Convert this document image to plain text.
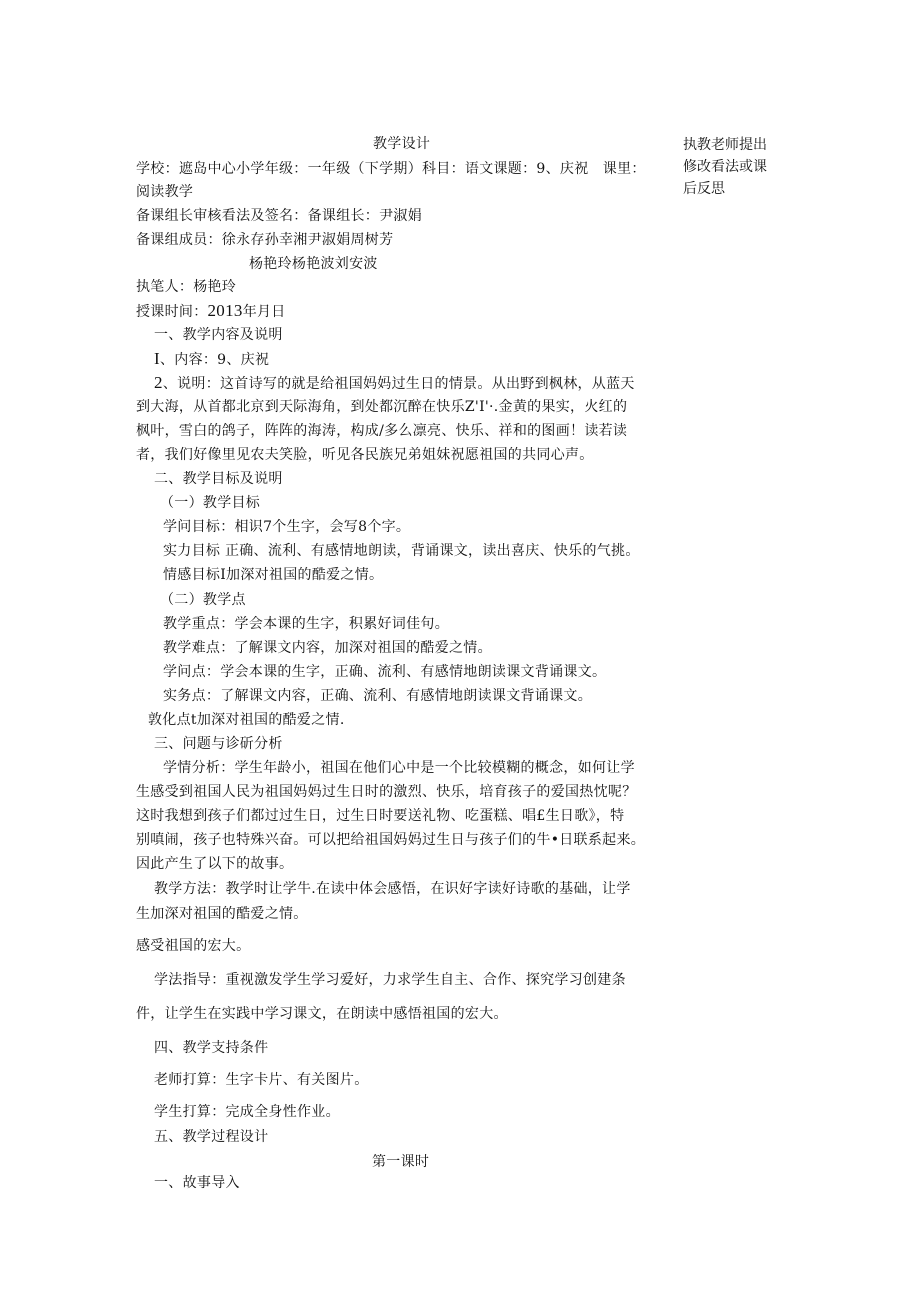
教学设计	执教老师提出
修改看法或课
后反思
学校：遮岛中心小学年级：一年级（下学期）科目：语文课题：9、庆祝　课里：
阅读教学
备课组长审核看法及签名：备课组长：尹淑娟
备课组成员：徐永存孙幸湘尹淑娟周树芳
杨艳玲杨艳波刘安波
执笔人：杨艳玲
授课时间：2013年月日
一、教学内容及说明
I、内容：9、庆祝
2、说明：这首诗写的就是给祖国妈妈过生日的情景。从出野到枫林，从蓝天
到大海，从首都北京到天际海角，到处都沉醉在快乐Z'I'·.金黄的果实，火红的
枫叶，雪白的鸽子，阵阵的海涛，构成/多么凛亮、快乐、祥和的图画！读若读
者，我们好像里见农夫笑脸，听见各民族兄弟姐妹祝愿祖国的共同心声。
二、教学目标及说明
（一）教学目标
学问目标：相识7个生字，会写8个字。
实力目标 正确、流利、有感情地朗读，背诵课文，读出喜庆、快乐的气挑。
情感目标I加深对祖国的酷爱之情。
（二）教学点
教学重点：学会本课的生字，积累好词佳句。
教学难点：了解课文内容，加深对祖国的酷爱之情。
学问点：学会本课的生字，正确、流利、有感情地朗读课文背诵课文。
实务点：了解课文内容，正确、流利、有感情地朗读课文背诵课文。
敦化点t加深对祖国的酷爱之情.
三、问题与诊斫分析
学情分析：学生年龄小，祖国在他们心中是一个比较模糊的概念，如何让学
生感受到祖国人民为祖国妈妈过生日时的激烈、快乐，培育孩子的爱国热忱呢？
这时我想到孩子们都过过生日，过生日时要送礼物、吃蛋糕、唱£生日歌》，特
别嗔闹，孩子也特殊兴奋。可以把给祖国妈妈过生日与孩子们的牛•日联系起来。
因此产生了以下的故事。
教学方法：教学时让学牛.在读中体会感悟，在识好字读好诗歌的基础，让学
生加深对祖国的酷爱之情。
感受祖国的宏大。
学法指导：重视激发学生学习爱好，力求学生自主、合作、探究学习创建条
件，让学生在实践中学习课文，在朗读中感悟祖国的宏大。
四、教学支持条件
老师打算：生字卡片、有关图片。
学生打算：完成全身性作业。
五、教学过程设计
第一课时
一、故事导入
